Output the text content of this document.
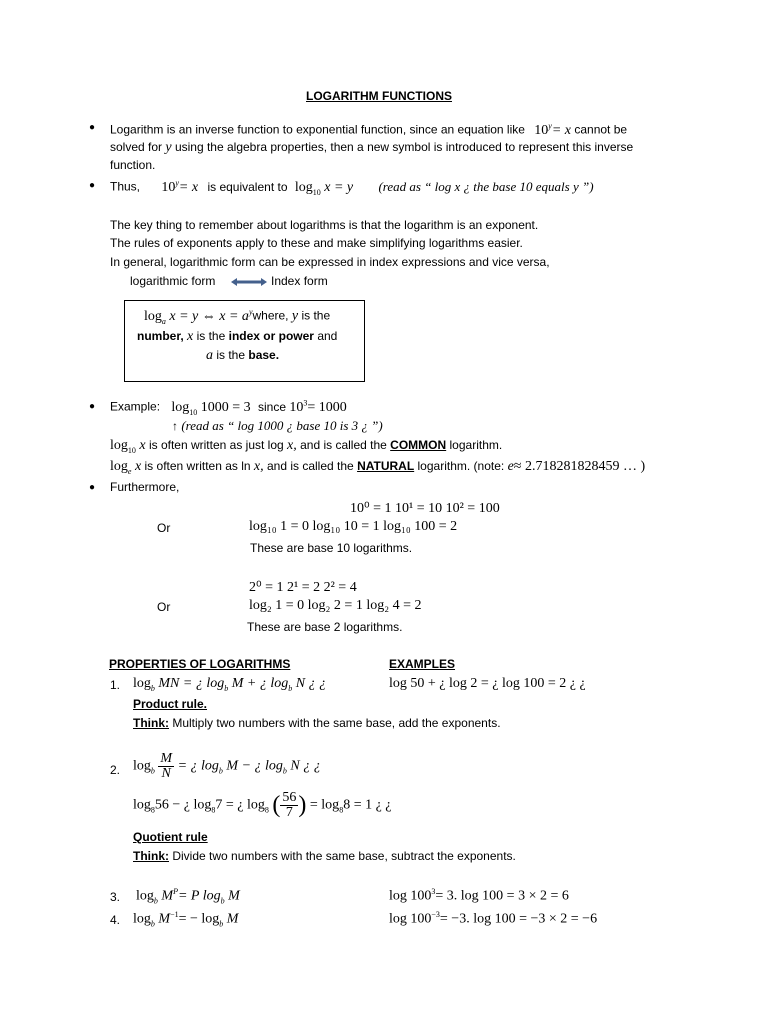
LOGARITHM FUNCTIONS
● Logarithm is an inverse function to exponential function, since an equation like $10^y= x$ cannot be
solved for y using the algebra properties, then a new symbol is introduced to represent this inverse
function.
● Thus, $10^y= x$ is equivalent to $\log_{10} x = y$ (read as “ log x ¿ the base 10 equals y ”)
The key thing to remember about logarithms is that the logarithm is an exponent.
The rules of exponents apply to these and make simplifying logarithms easier.
In general, logarithmic form can be expressed in index expressions and vice versa,
logarithmic form	Index form
$\log_a x = y$ ⇔ $x = a^ywhere$, y is the
number, x is the index or power and
a is the base.
● Example: $\log_{10} 1000 = 3$ since $10^3= 1000$
↑ (read as “ log 1000 ¿ base 10 is 3 ¿ ”)
$\log_{10} x$ is often written as just log x, and is called the COMMON logarithm.
$\log_e x$ is often written as ln x, and is called the NATURAL logarithm. (note: e≈ 2.718281828459 … )
● Furthermore,
10⁰ = 1 10¹ = 10 10² = 100
Or	log₁₀ 1 = 0 log₁₀ 10 = 1 log₁₀ 100 = 2
These are base 10 logarithms.
2⁰ = 1 2¹ = 2 2² = 4
Or	log₂ 1 = 0 log₂ 2 = 1 log₂ 4 = 2
These are base 2 logarithms.
PROPERTIES OF LOGARITHMS	EXAMPLES
1. $\log_b$ MN = ¿ $\log_b M$ + ¿ $\log_b N$ ¿ ¿	log 50 + ¿ log 2 = ¿ log 100 = 2 ¿ ¿
Product rule.
Think: Multiply two numbers with the same base, add the exponents.
2. $\log_b \frac{M}{N}$ = ¿ $\log_b M$ − ¿ $\log_b N$ ¿ ¿
$\log_856$ − ¿ $\log_87$ = ¿ $\log_8$ ( $\frac{56}{7}$ ) = $\log_88 = 1$ ¿ ¿
Quotient rule
Think: Divide two numbers with the same base, subtract the exponents.
3. $\log_b M^P= P$ $\log_b M$	$\log 100^3= 3$. log 100 = 3 × 2 = 6
4. $\log_b M^{-1}= - \log_b M$	$\log 100^{-3}= -3$. log 100 = −3 × 2 = −6
